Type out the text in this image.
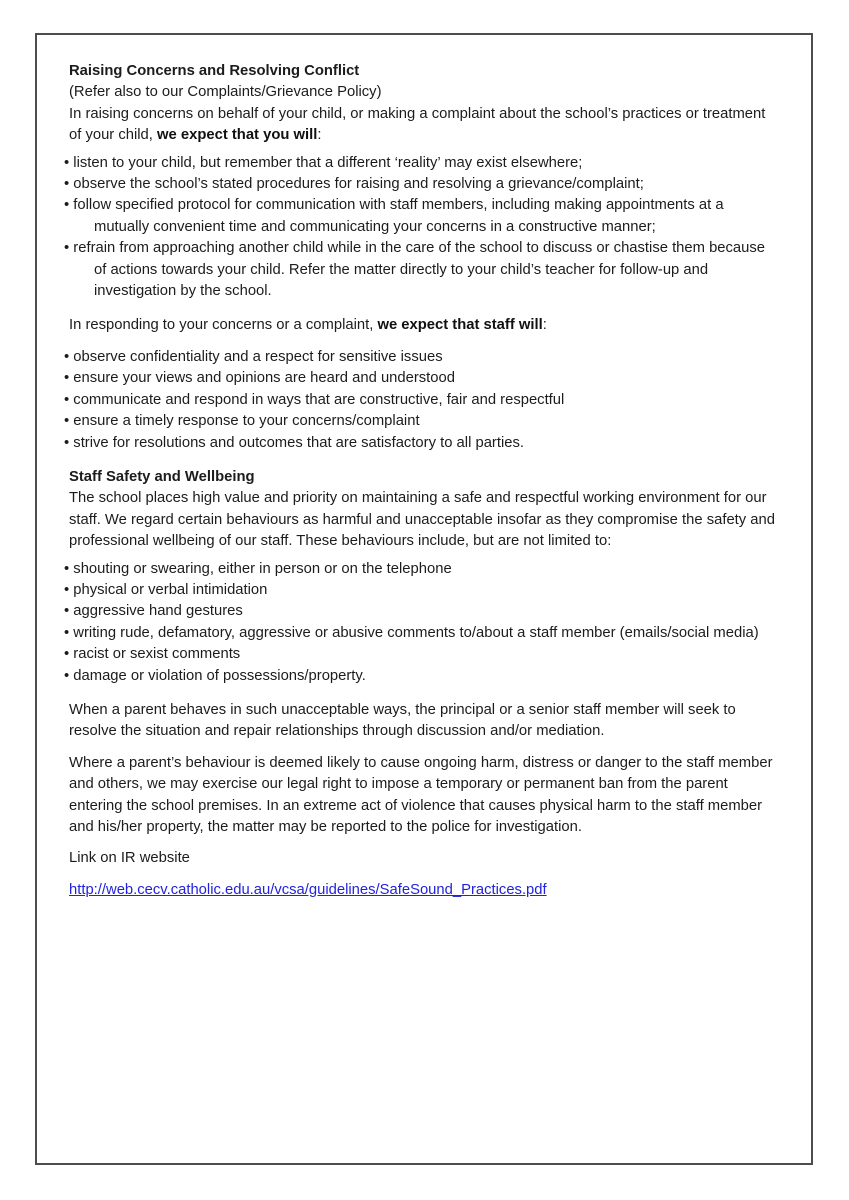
Raising Concerns and Resolving Conflict
(Refer also to our Complaints/Grievance Policy)
In raising concerns on behalf of your child, or making a complaint about the school’s practices or treatment of your child, we expect that you will:
• listen to your child, but remember that a different ‘reality’ may exist elsewhere;
• observe the school’s stated procedures for raising and resolving a grievance/complaint;
• follow specified protocol for communication with staff members, including making appointments at a mutually convenient time and communicating your concerns in a constructive manner;
• refrain from approaching another child while in the care of the school to discuss or chastise them because of actions towards your child. Refer the matter directly to your child’s teacher for follow-up and investigation by the school.
In responding to your concerns or a complaint, we expect that staff will:
• observe confidentiality and a respect for sensitive issues
• ensure your views and opinions are heard and understood
• communicate and respond in ways that are constructive, fair and respectful
• ensure a timely response to your concerns/complaint
• strive for resolutions and outcomes that are satisfactory to all parties.
Staff Safety and Wellbeing
The school places high value and priority on maintaining a safe and respectful working environment for our staff. We regard certain behaviours as harmful and unacceptable insofar as they compromise the safety and professional wellbeing of our staff. These behaviours include, but are not limited to:
• shouting or swearing, either in person or on the telephone
• physical or verbal intimidation
• aggressive hand gestures
• writing rude, defamatory, aggressive or abusive comments to/about a staff member (emails/social media)
• racist or sexist comments
• damage or violation of possessions/property.
When a parent behaves in such unacceptable ways, the principal or a senior staff member will seek to resolve the situation and repair relationships through discussion and/or mediation.
Where a parent’s behaviour is deemed likely to cause ongoing harm, distress or danger to the staff member and others, we may exercise our legal right to impose a temporary or permanent ban from the parent entering the school premises. In an extreme act of violence that causes physical harm to the staff member and his/her property, the matter may be reported to the police for investigation.
Link on IR website
http://web.cecv.catholic.edu.au/vcsa/guidelines/SafeSound_Practices.pdf
